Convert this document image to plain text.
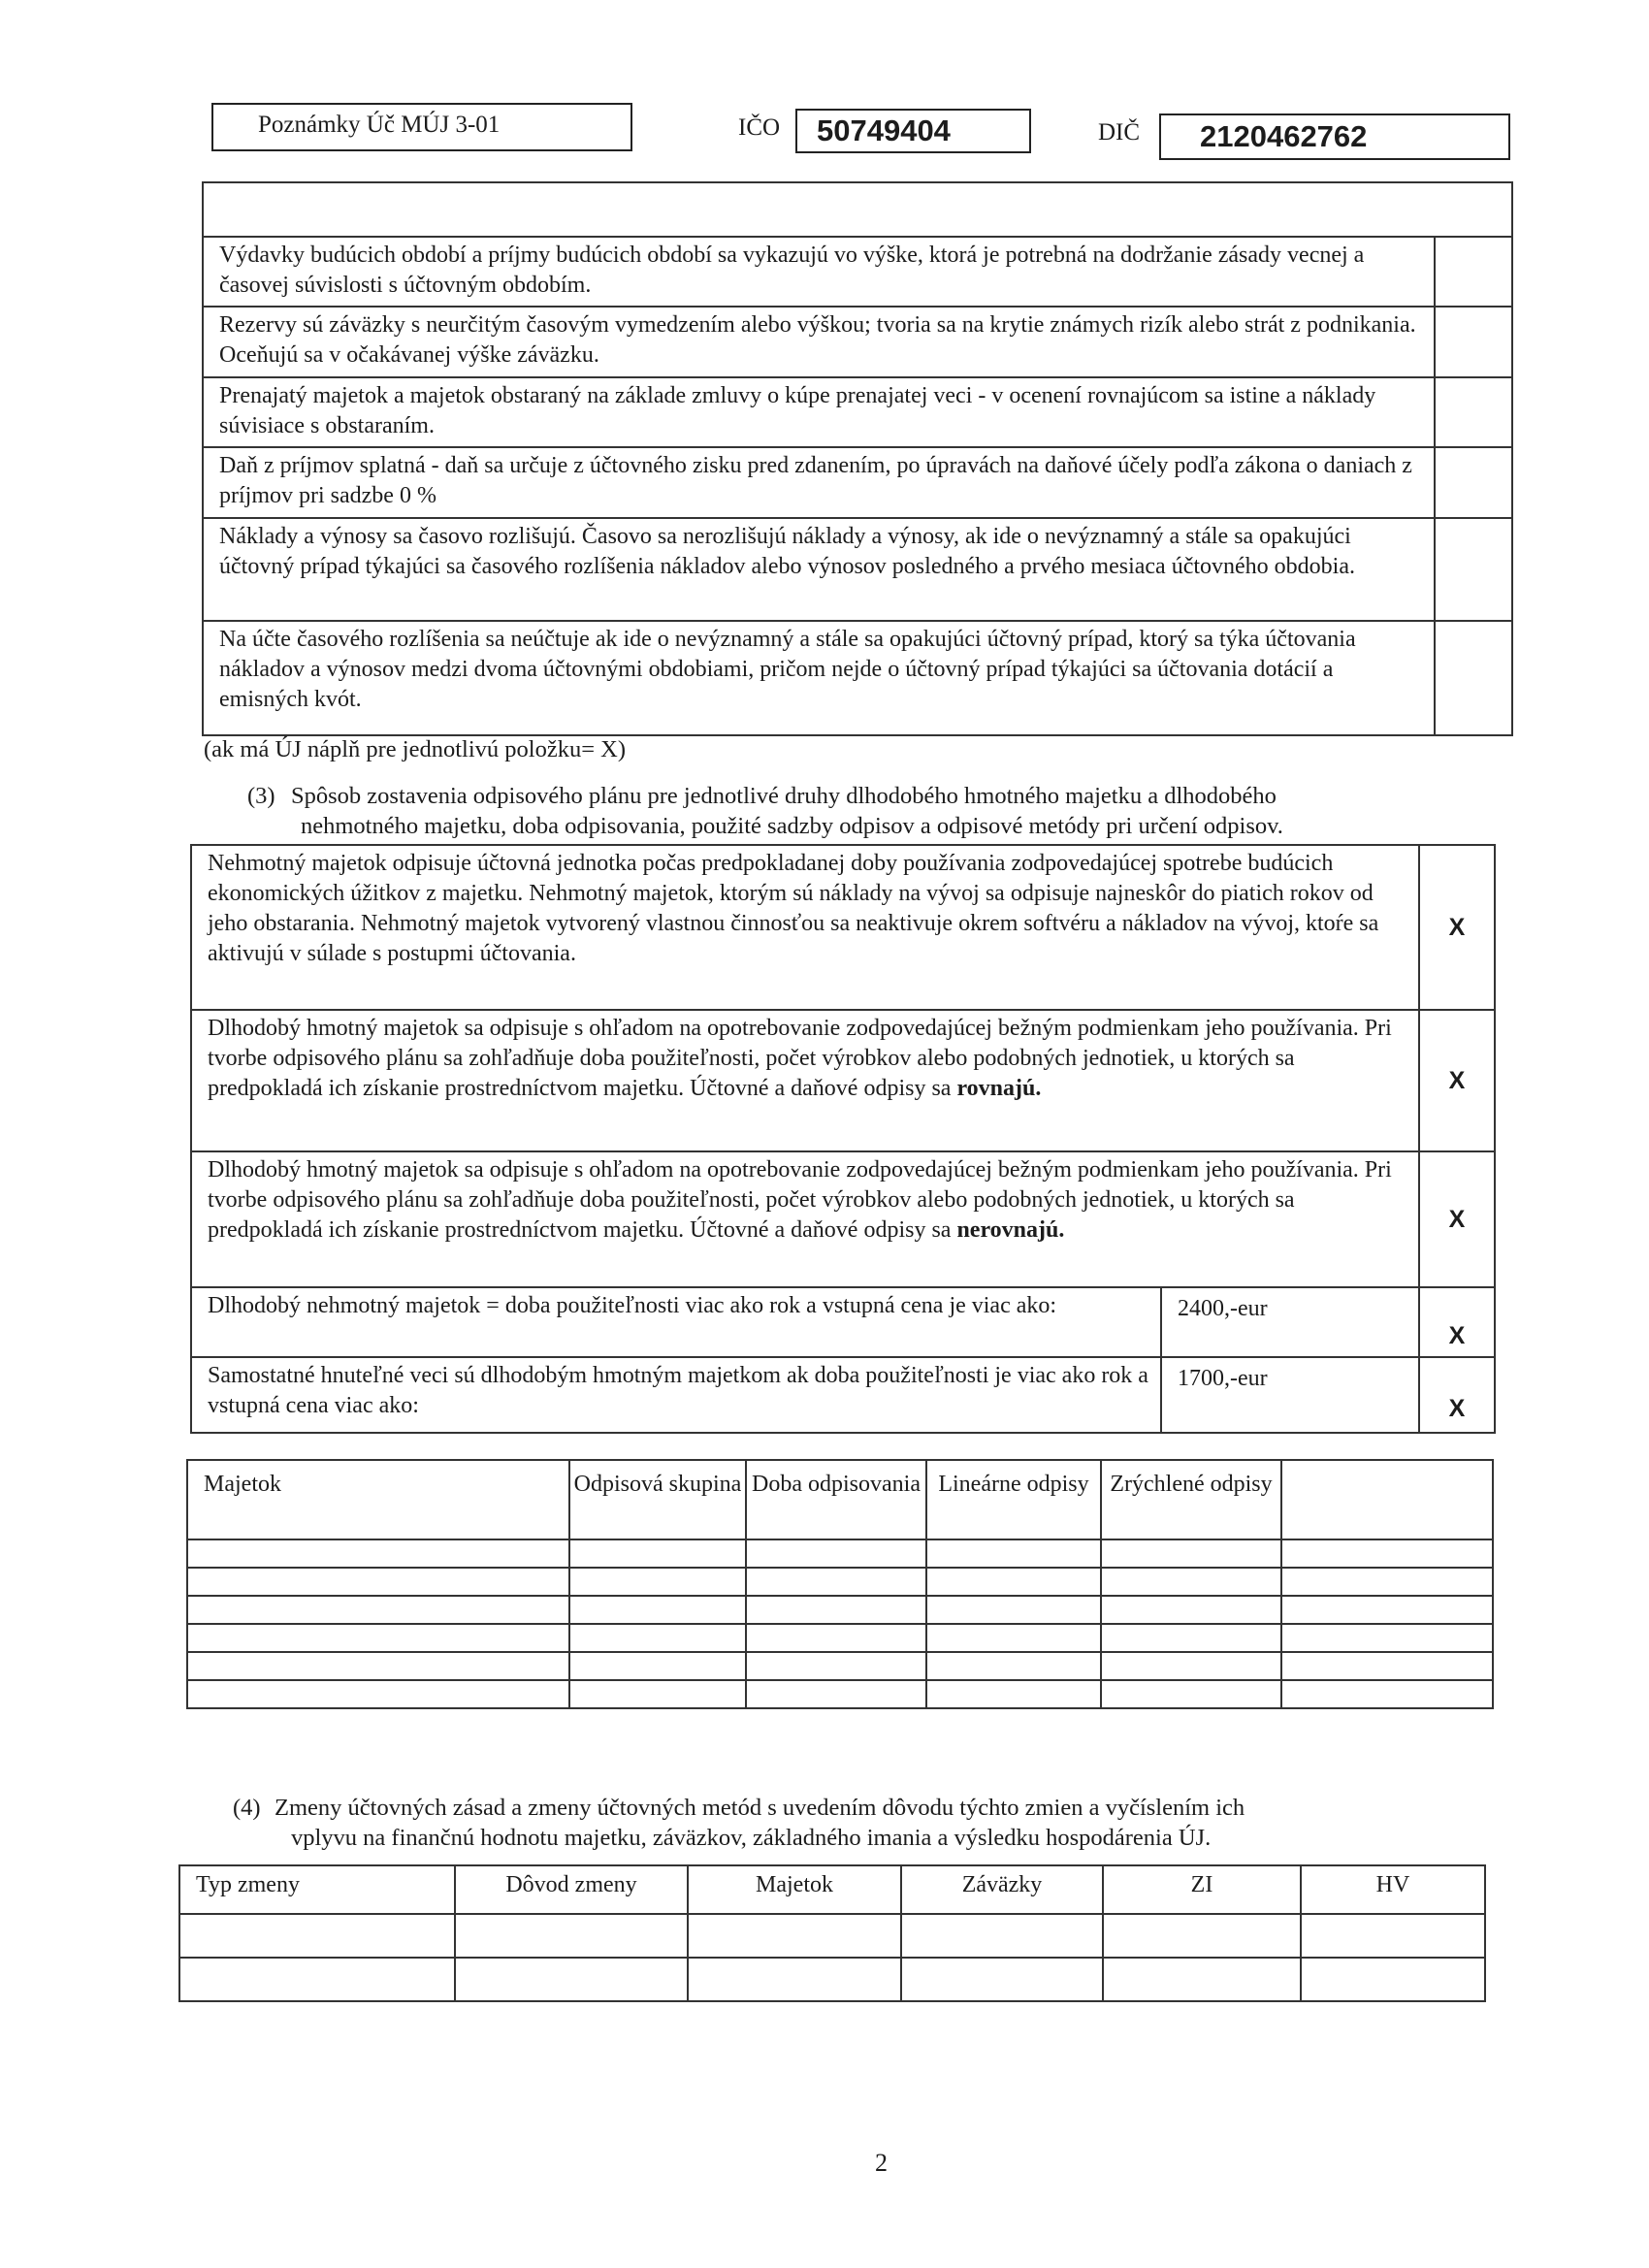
Poznámky Úč MÚJ 3-01	IČO 50749404	DIČ 2120462762

Výdavky budúcich období a príjmy budúcich období sa vykazujú vo výške, ktorá je potrebná na dodržanie zásady vecnej a časovej súvislosti s účtovným obdobím.	
Rezervy sú záväzky s neurčitým časovým vymedzením alebo výškou; tvoria sa na krytie známych rizík alebo strát z podnikania. Oceňujú sa v očakávanej výške záväzku.	
Prenajatý majetok a majetok obstaraný na základe zmluvy o kúpe prenajatej veci - v ocenení rovnajúcom sa istine a náklady súvisiace s obstaraním.	
Daň z príjmov splatná - daň sa určuje z účtovného zisku pred zdanením, po úpravách na daňové účely podľa zákona o daniach z príjmov pri sadzbe 0 %	
Náklady a výnosy sa časovo rozlišujú. Časovo sa nerozlišujú náklady a výnosy, ak ide o nevýznamný a stále sa opakujúci účtovný prípad týkajúci sa časového rozlíšenia nákladov alebo výnosov posledného a prvého mesiaca účtovného obdobia.	
Na účte časového rozlíšenia sa neúčtuje ak ide o nevýznamný a stále sa opakujúci účtovný prípad, ktorý sa týka účtovania nákladov a výnosov medzi dvoma účtovnými obdobiami, pričom nejde o účtovný prípad týkajúci sa účtovania dotácií a emisných kvót.	
(ak má ÚJ náplň pre jednotlivú položku= X)
(3) Spôsob zostavenia odpisového plánu pre jednotlivé druhy dlhodobého hmotného majetku a dlhodobého
nehmotného majetku, doba odpisovania, použité sadzby odpisov a odpisové metódy pri určení odpisov.
Nehmotný majetok odpisuje účtovná jednotka počas predpokladanej doby používania zodpovedajúcej spotrebe budúcich ekonomických úžitkov z majetku. Nehmotný majetok, ktorým sú náklady na vývoj sa odpisuje najneskôr do piatich rokov od jeho obstarania. Nehmotný majetok vytvorený vlastnou činnosťou sa neaktivuje okrem softvéru a nákladov na vývoj, ktoŕe sa aktivujú v súlade s postupmi účtovania.		X
Dlhodobý hmotný majetok sa odpisuje s ohľadom na opotrebovanie zodpovedajúcej bežným podmienkam jeho používania. Pri tvorbe odpisového plánu sa zohľadňuje doba použiteľnosti, počet výrobkov alebo podobných jednotiek, u ktorých sa predpokladá ich získanie prostredníctvom majetku. Účtovné a daňové odpisy sa rovnajú.		X
Dlhodobý hmotný majetok sa odpisuje s ohľadom na opotrebovanie zodpovedajúcej bežným podmienkam jeho používania. Pri tvorbe odpisového plánu sa zohľadňuje doba použiteľnosti, počet výrobkov alebo podobných jednotiek, u ktorých sa predpokladá ich získanie prostredníctvom majetku. Účtovné a daňové odpisy sa nerovnajú.		X
Dlhodobý nehmotný majetok = doba použiteľnosti viac ako rok a vstupná cena je viac ako:	2400,-eur	X
Samostatné hnuteľné veci sú dlhodobým hmotným majetkom ak doba použiteľnosti je viac ako rok a vstupná cena viac ako:	1700,-eur	X
Majetok	Odpisová skupina	Doba odpisovania	Lineárne odpisy	Zrýchlené odpisy	

(4) Zmeny účtovných zásad a zmeny účtovných metód s uvedením dôvodu týchto zmien a vyčíslením ich
vplyvu na finančnú hodnotu majetku, záväzkov, základného imania a výsledku hospodárenia ÚJ.
Typ zmeny	Dôvod zmeny	Majetok	Záväzky	ZI	HV

2
